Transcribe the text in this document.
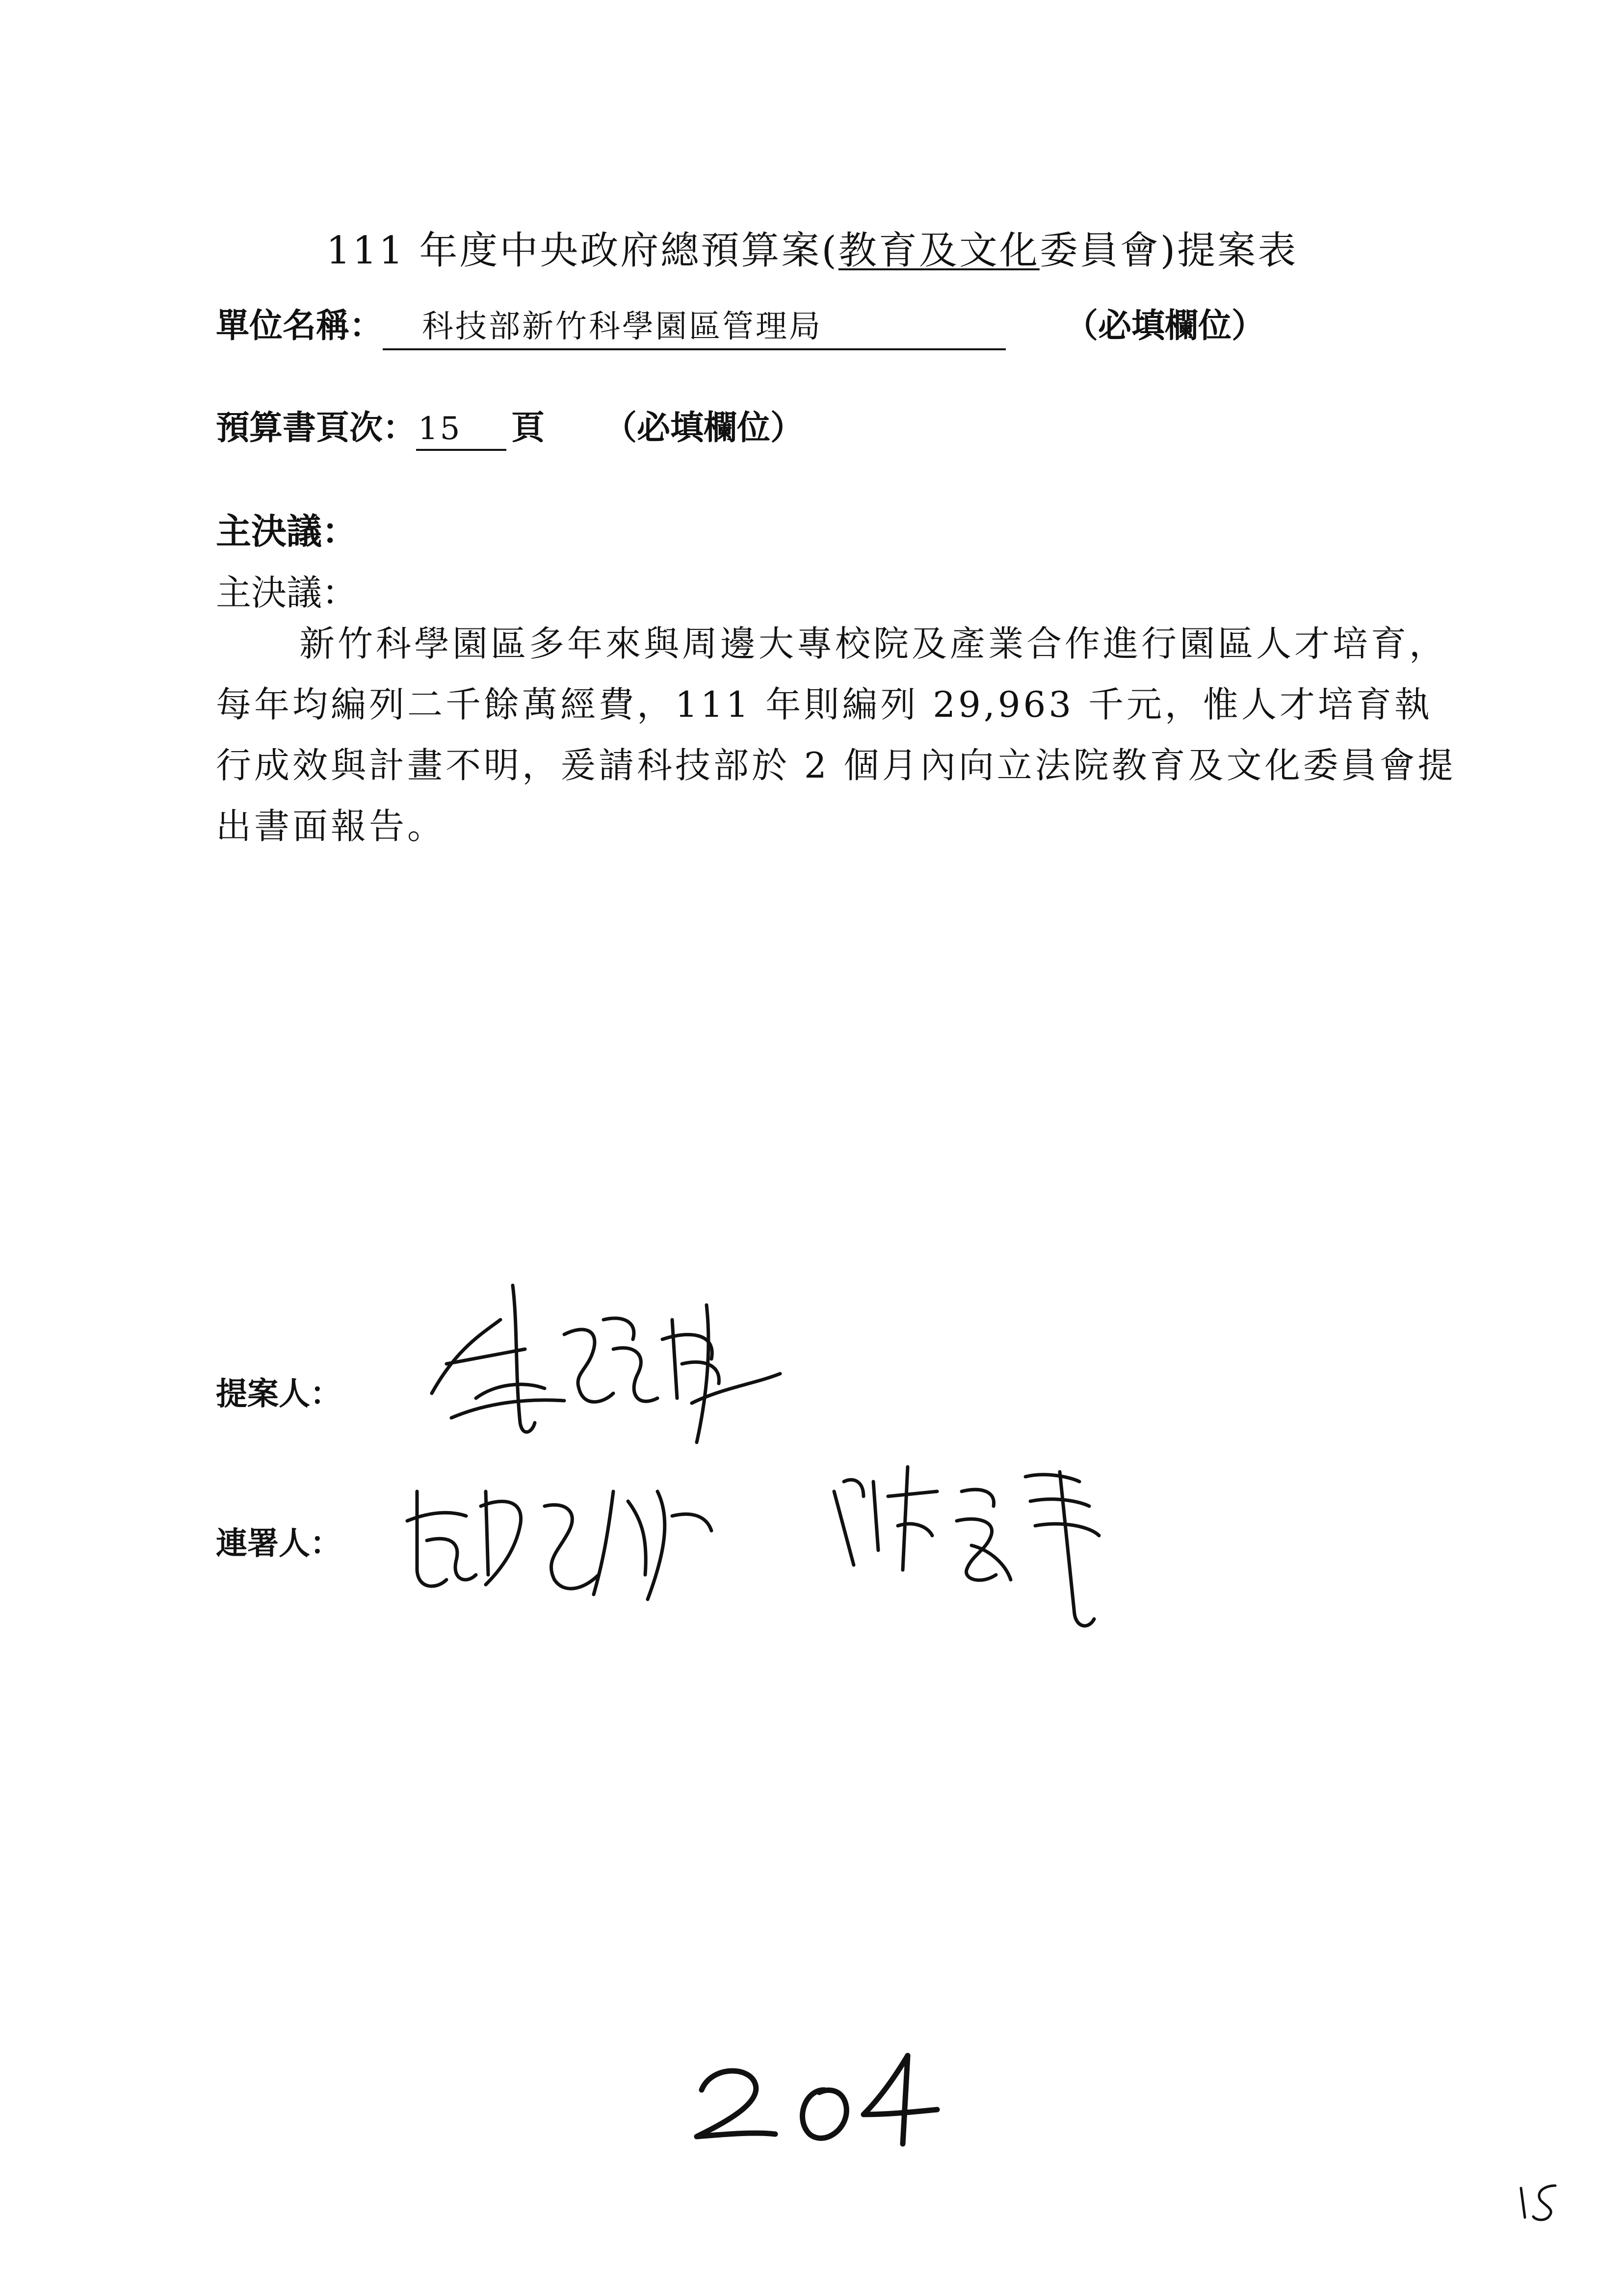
111 年度中央政府總預算案(教育及文化委員會)提案表
單位名稱：	科技部新竹科學園區管理局	（必填欄位）
預算書頁次： 15	頁 （必填欄位）
主決議：
主決議：

新竹科學園區多年來與周邊大專校院及產業合作進行園區人才培育，每年均編列二千餘萬經費，111 年則編列 29,963 千元，惟人才培育執行成效與計畫不明，爰請科技部於 2 個月內向立法院教育及文化委員會提出書面報告。

提案人：
連署人：
